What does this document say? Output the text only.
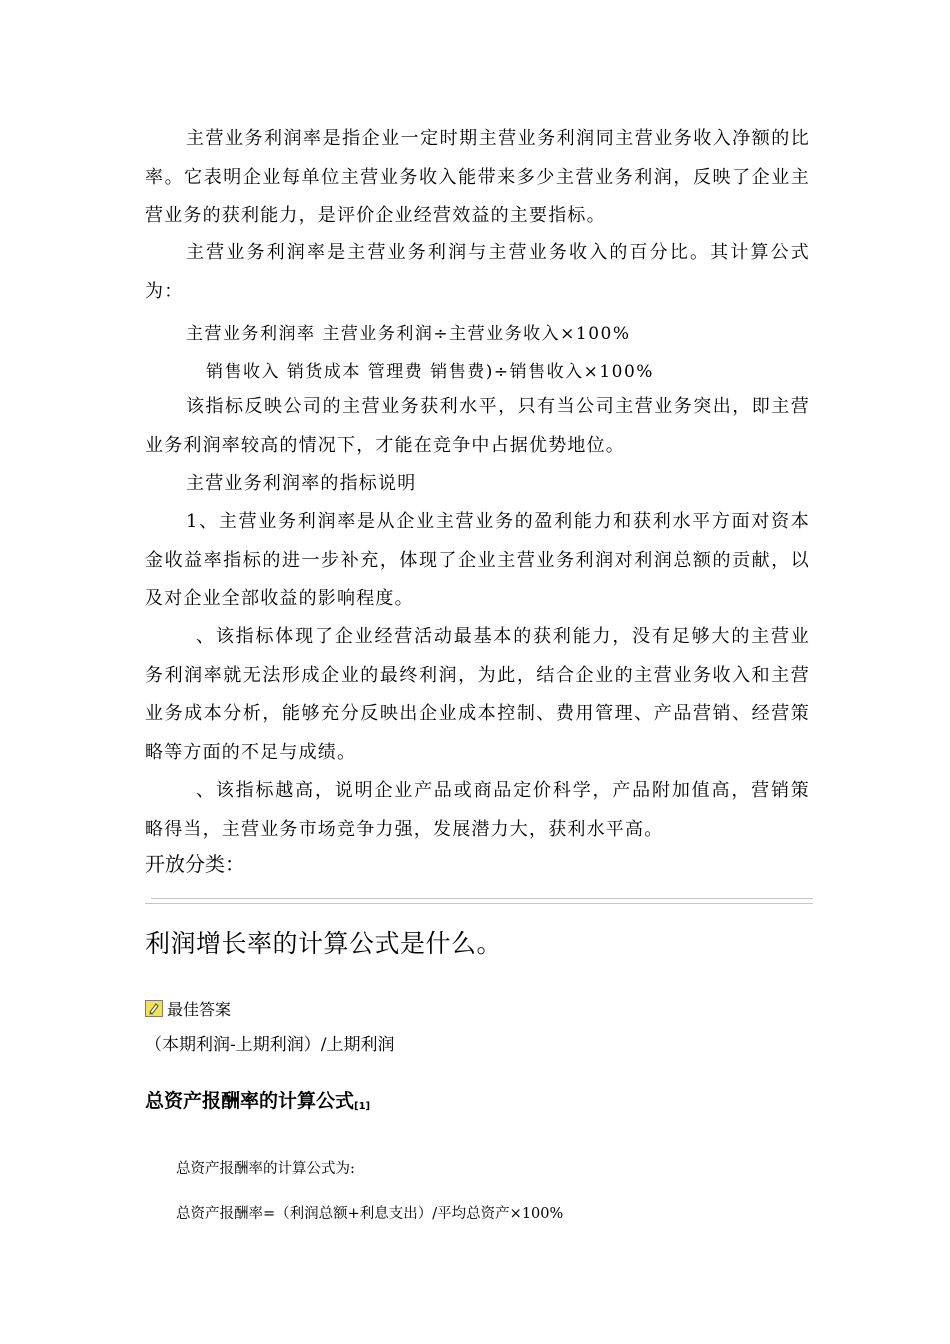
主营业务利润率是指企业一定时期主营业务利润同主营业务收入净额的比率。它表明企业每单位主营业务收入能带来多少主营业务利润，反映了企业主营业务的获利能力，是评价企业经营效益的主要指标。

主营业务利润率是主营业务利润与主营业务收入的百分比。其计算公式为：

主营业务利润率 主营业务利润÷主营业务收入×100%

销售收入 销货成本 管理费 销售费)÷销售收入×100%

该指标反映公司的主营业务获利水平，只有当公司主营业务突出，即主营业务利润率较高的情况下，才能在竞争中占据优势地位。

主营业务利润率的指标说明

1、主营业务利润率是从企业主营业务的盈利能力和获利水平方面对资本金收益率指标的进一步补充，体现了企业主营业务利润对利润总额的贡献，以及对企业全部收益的影响程度。

、该指标体现了企业经营活动最基本的获利能力，没有足够大的主营业务利润率就无法形成企业的最终利润，为此，结合企业的主营业务收入和主营业务成本分析，能够充分反映出企业成本控制、费用管理、产品营销、经营策略等方面的不足与成绩。

、该指标越高，说明企业产品或商品定价科学，产品附加值高，营销策略得当，主营业务市场竞争力强，发展潜力大，获利水平高。

开放分类：

利润增长率的计算公式是什么。

最佳答案

（本期利润-上期利润）/上期利润

总资产报酬率的计算公式[1]

总资产报酬率的计算公式为:

总资产报酬率=（利润总额+利息支出）/平均总资产×100%
